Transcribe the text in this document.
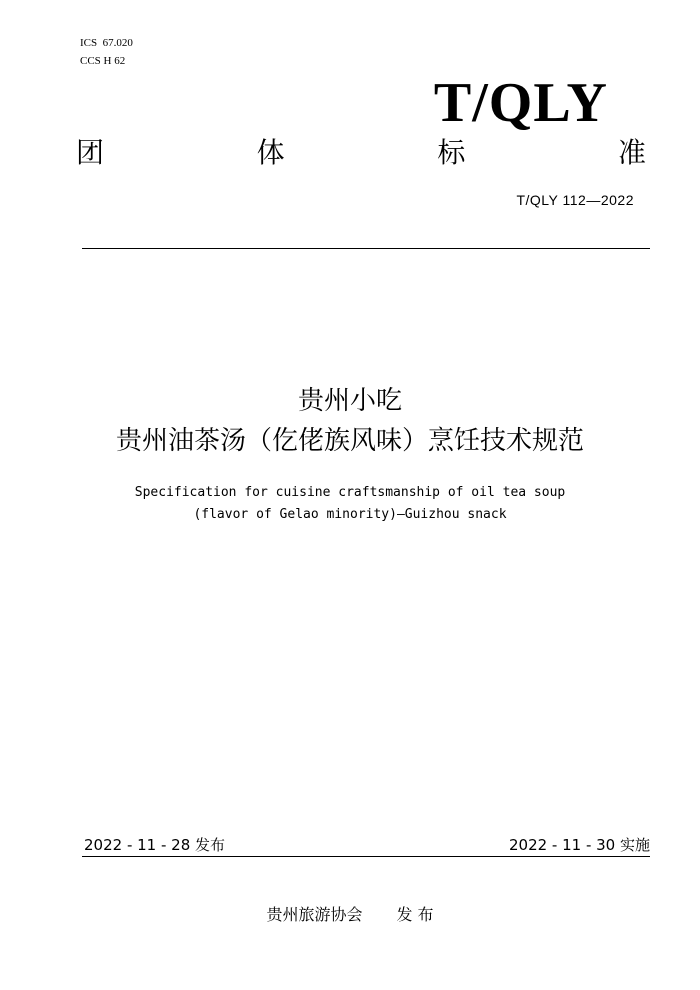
ICS  67.020
CCS H 62
T/QLY
团	体	标	准
T/QLY 112—2022
贵州小吃
贵州油茶汤（仡佬族风味）烹饪技术规范
Specification for cuisine craftsmanship of oil tea soup
(flavor of Gelao minority)—Guizhou snack
2022 - 11 - 28 发布	2022 - 11 - 30 实施
贵州旅游协会 发 布
